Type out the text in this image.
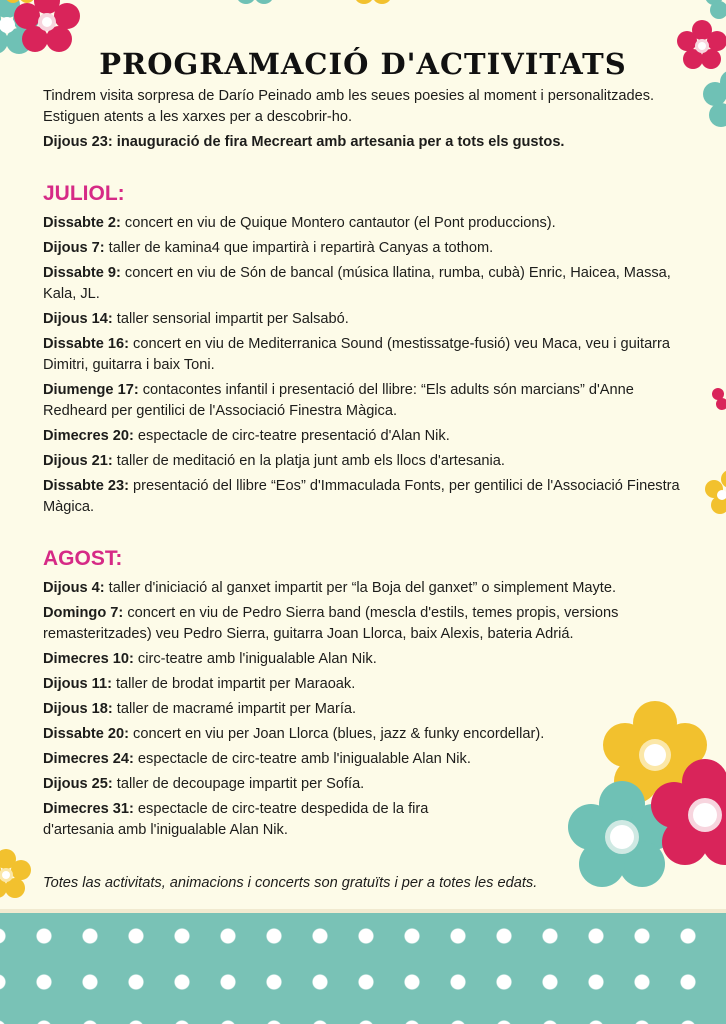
PROGRAMACIÓ D'ACTIVITATS

Tindrem visita sorpresa de Darío Peinado amb les seues poesies al moment i personalitzades. Estiguen atents a les xarxes per a descobrir-ho.

Dijous 23: inauguració de fira Mecreart amb artesania per a tots els gustos.

JULIOL:

Dissabte 2: concert en viu de Quique Montero cantautor (el Pont produccions).

Dijous 7: taller de kamina4 que impartirà i repartirà Canyas a tothom.

Dissabte 9: concert en viu de Són de bancal (música llatina, rumba, cubà) Enric, Haicea, Massa, Kala, JL.

Dijous 14: taller sensorial impartit per Salsabó.

Dissabte 16: concert en viu de Mediterranica Sound (mestissatge-fusió) veu Maca, veu i guitarra Dimitri, guitarra i baix Toni.

Diumenge 17: contacontes infantil i presentació del llibre: “Els adults són marcians” d'Anne Redheard per gentilici de l'Associació Finestra Màgica.

Dimecres 20: espectacle de circ-teatre presentació d'Alan Nik.

Dijous 21: taller de meditació en la platja junt amb els llocs d'artesania.

Dissabte 23: presentació del llibre “Eos” d'Immaculada Fonts, per gentilici de l'Associació Finestra Màgica.

AGOST:

Dijous 4: taller d'iniciació al ganxet impartit per “la Boja del ganxet” o simplement Mayte.

Domingo 7: concert en viu de Pedro Sierra band (mescla d'estils, temes propis, versions remasteritzades) veu Pedro Sierra, guitarra Joan Llorca, baix Alexis, bateria Adriá.

Dimecres 10: circ-teatre amb l'inigualable Alan Nik.

Dijous 11: taller de brodat impartit per Maraoak.

Dijous 18: taller de macramé impartit per María.

Dissabte 20: concert en viu per Joan Llorca (blues, jazz & funky encordellar).

Dimecres 24: espectacle de circ-teatre amb l'inigualable Alan Nik.

Dijous 25: taller de decoupage impartit per Sofía.

Dimecres 31: espectacle de circ-teatre despedida de la fira d'artesania amb l'inigualable Alan Nik.

Totes las activitats, animacions i concerts son gratuïts i per a totes les edats.
